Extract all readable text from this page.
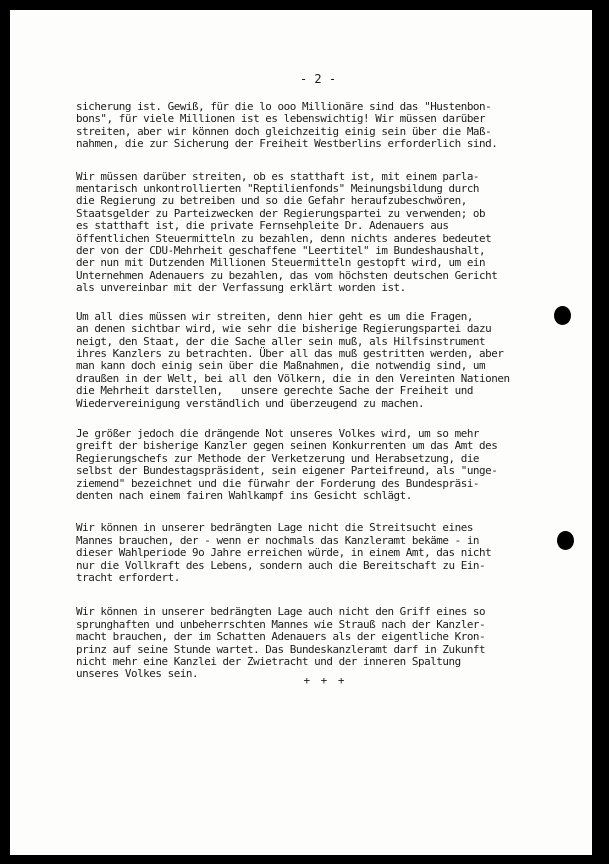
- 2 -
sicherung ist. Gewiß, für die lo ooo Millionäre sind das "Hustenbon-
bons", für viele Millionen ist es lebenswichtig! Wir müssen darüber
streiten, aber wir können doch gleichzeitig einig sein über die Maß-
nahmen, die zur Sicherung der Freiheit Westberlins erforderlich sind.
Wir müssen darüber streiten, ob es statthaft ist, mit einem parla-
mentarisch unkontrollierten "Reptilienfonds" Meinungsbildung durch
die Regierung zu betreiben und so die Gefahr heraufzubeschwören,
Staatsgelder zu Parteizwecken der Regierungspartei zu verwenden; ob
es statthaft ist, die private Fernsehpleite Dr. Adenauers aus
öffentlichen Steuermitteln zu bezahlen, denn nichts anderes bedeutet
der von der CDU-Mehrheit geschaffene "Leertitel" im Bundeshaushalt,
der nun mit Dutzenden Millionen Steuermitteln gestopft wird, um ein
Unternehmen Adenauers zu bezahlen, das vom höchsten deutschen Gericht
als unvereinbar mit der Verfassung erklärt worden ist.
Um all dies müssen wir streiten, denn hier geht es um die Fragen,
an denen sichtbar wird, wie sehr die bisherige Regierungspartei dazu
neigt, den Staat, der die Sache aller sein muß, als Hilfsinstrument
ihres Kanzlers zu betrachten. Über all das muß gestritten werden, aber
man kann doch einig sein über die Maßnahmen, die notwendig sind, um
draußen in der Welt, bei all den Völkern, die in den Vereinten Nationen
die Mehrheit darstellen,   unsere gerechte Sache der Freiheit und
Wiedervereinigung verständlich und überzeugend zu machen.
Je größer jedoch die drängende Not unseres Volkes wird, um so mehr
greift der bisherige Kanzler gegen seinen Konkurrenten um das Amt des
Regierungschefs zur Methode der Verketzerung und Herabsetzung, die
selbst der Bundestagspräsident, sein eigener Parteifreund, als "unge-
ziemend" bezeichnet und die fürwahr der Forderung des Bundespräsi-
denten nach einem fairen Wahlkampf ins Gesicht schlägt.
Wir können in unserer bedrängten Lage nicht die Streitsucht eines
Mannes brauchen, der - wenn er nochmals das Kanzleramt bekäme - in
dieser Wahlperiode 9o Jahre erreichen würde, in einem Amt, das nicht
nur die Vollkraft des Lebens, sondern auch die Bereitschaft zu Ein-
tracht erfordert.
Wir können in unserer bedrängten Lage auch nicht den Griff eines so
sprunghaften und unbeherrschten Mannes wie Strauß nach der Kanzler-
macht brauchen, der im Schatten Adenauers als der eigentliche Kron-
prinz auf seine Stunde wartet. Das Bundeskanzleramt darf in Zukunft
nicht mehr eine Kanzlei der Zwietracht und der inneren Spaltung
unseres Volkes sein.
+ + +
